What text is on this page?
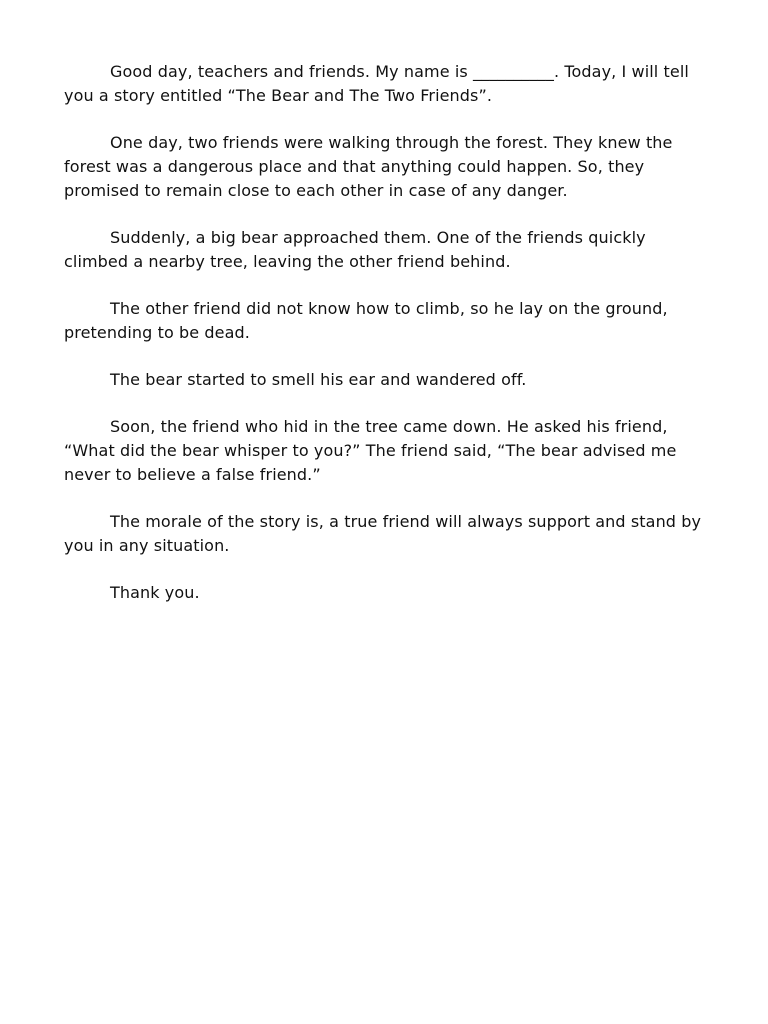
Good day, teachers and friends. My name is __________. Today, I will tell you a story entitled “The Bear and The Two Friends”.

One day, two friends were walking through the forest. They knew the forest was a dangerous place and that anything could happen. So, they promised to remain close to each other in case of any danger.

Suddenly, a big bear approached them. One of the friends quickly climbed a nearby tree, leaving the other friend behind.

The other friend did not know how to climb, so he lay on the ground, pretending to be dead.

The bear started to smell his ear and wandered off.

Soon, the friend who hid in the tree came down. He asked his friend, “What did the bear whisper to you?” The friend said, “The bear advised me never to believe a false friend.”

The morale of the story is, a true friend will always support and stand by you in any situation.

Thank you.
